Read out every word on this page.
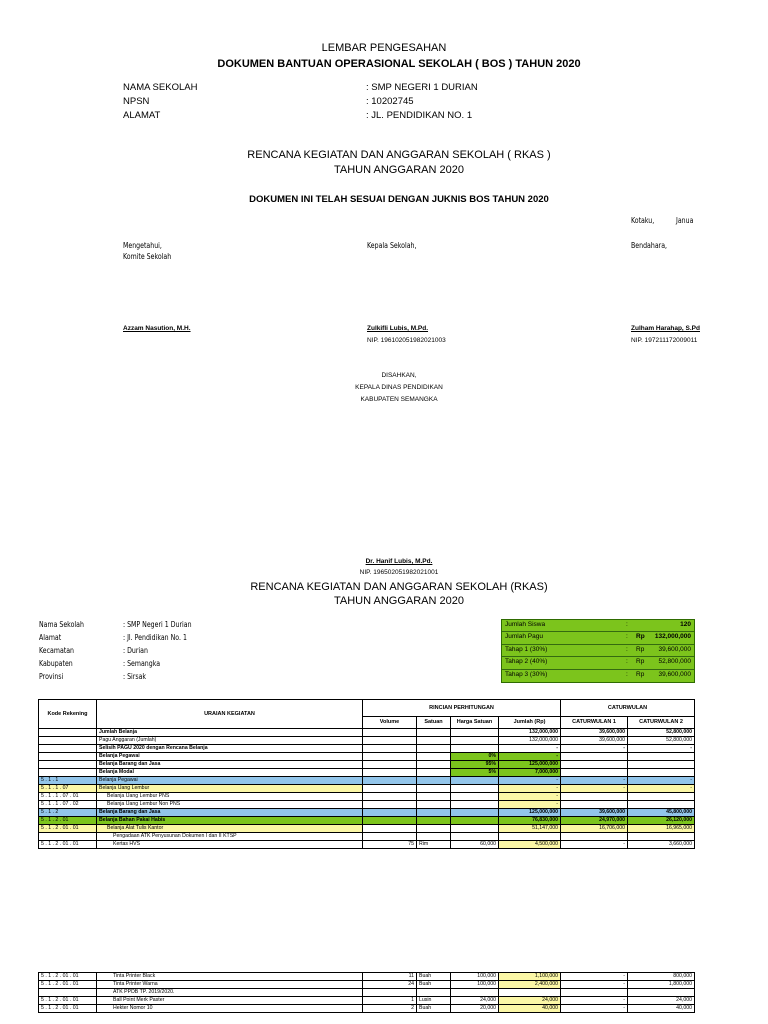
LEMBAR PENGESAHAN
DOKUMEN BANTUAN OPERASIONAL SEKOLAH ( BOS ) TAHUN 2020
NAMA SEKOLAH	: SMP NEGERI 1 DURIAN
NPSN	: 10202745
ALAMAT	: JL. PENDIDIKAN NO. 1
RENCANA KEGIATAN DAN ANGGARAN SEKOLAH ( RKAS )
TAHUN ANGGARAN 2020
DOKUMEN INI TELAH SESUAI DENGAN JUKNIS BOS TAHUN 2020
Kotaku,	Janua
Mengetahui,
Komite Sekolah
Kepala Sekolah,	Bendahara,
Azzam Nasution, M.H.	Zulkifli Lubis, M.Pd.
NIP. 196102051982021003
Zulham Harahap, S.Pd
NIP. 197211172009011
DISAHKAN,
KEPALA DINAS PENDIDIKAN
KABUPATEN SEMANGKA
Dr. Hanif Lubis, M.Pd.
NIP. 196502051982021001
RENCANA KEGIATAN DAN ANGGARAN SEKOLAH (RKAS)
TAHUN ANGGARAN 2020
Nama Sekolah	: SMP Negeri 1 Durian
Alamat	: Jl. Pendidikan No. 1
Kecamatan	: Durian
Kabupaten	: Semangka
Provinsi	: Sirsak
Jumlah Siswa	:	120
Jumlah Pagu	: Rp 132,000,000
Tahap 1 (30%)	: Rp 39,600,000
Tahap 2 (40%)	: Rp 52,800,000
Tahap 3 (30%)	: Rp 39,600,000
Kode Rekening	URAIAN KEGIATAN	RINCIAN PERHITUNGAN				CATURWULAN	
		Volume	Satuan	Harga Satuan	Jumlah (Rp)	CATURWULAN 1	CATURWULAN 2
	Jumlah Belanja				132,000,000	39,600,000	52,800,000
	Pagu Anggaran (Jumlah)				132,000,000	39,600,000	52,800,000
	Selisih PAGU 2020 dengan Rencana Belanja				-	-	-
	Belanja Pegawai			0%	-		
	Belanja Barang dan Jasa			95%	125,000,000		
	Belanja Modal			5%	7,000,000		
5 . 1 . 1	Belanja Pegawai				-	-	-
5 . 1 . 1 . 07	Belanja Uang Lembur				-	-	-
5 . 1 . 1 . 07 . 01	Belanja Uang Lembur PNS				-		
5 . 1 . 1 . 07 . 02	Belanja Uang Lembur Non PNS				-		
5 . 1 . 2	Belanja Barang dan Jasa				125,000,000	39,600,000	45,800,000
5 . 1 . 2 . 01	Belanja Bahan Pakai Habis				76,830,000	24,970,000	26,120,000
5 . 1 . 2 . 01 . 01	Belanja Alat Tulis Kantor				51,147,000	16,706,000	16,965,000
	Pengadaan ATK Penyusunan Dokumen I dan II KTSP						
5 . 1 . 2 . 01 . 01	Kertas HVS	75	Rim	60,000	4,500,000	-	3,660,000
5 . 1 . 2 . 01 . 01	Tinta Printer Black	11	Buah	100,000	1,100,000	-	800,000
5 . 1 . 2 . 01 . 01	Tinta Printer Warna	24	Buah	100,000	2,400,000	-	1,800,000
	ATK PPDB TP. 2019/2020.						
5 . 1 . 2 . 01 . 01	Ball Point Merk Paster	1	Lusin	24,000	24,000	-	24,000
5 . 1 . 2 . 01 . 01	Hekter Nomor 10	2	Buah	20,000	40,000	-	40,000
